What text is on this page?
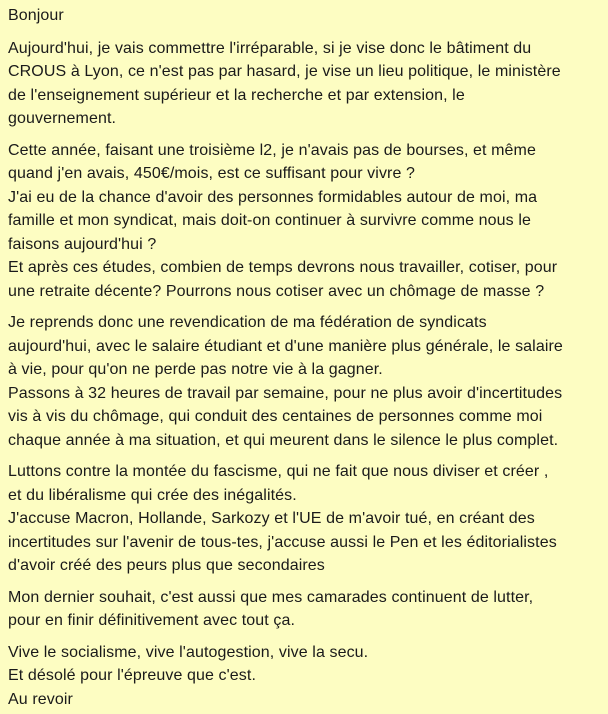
Bonjour
Aujourd'hui, je vais commettre l'irréparable, si je vise donc le bâtiment du
CROUS à Lyon, ce n'est pas par hasard, je vise un lieu politique, le ministère
de l'enseignement supérieur et la recherche et par extension, le
gouvernement.
Cette année, faisant une troisième l2, je n'avais pas de bourses, et même
quand j'en avais, 450€/mois, est ce suffisant pour vivre ?
J'ai eu de la chance d'avoir des personnes formidables autour de moi, ma
famille et mon syndicat, mais doit-on continuer à survivre comme nous le
faisons aujourd'hui ?
Et après ces études, combien de temps devrons nous travailler, cotiser, pour
une retraite décente? Pourrons nous cotiser avec un chômage de masse ?
Je reprends donc une revendication de ma fédération de syndicats
aujourd'hui, avec le salaire étudiant et d'une manière plus générale, le salaire
à vie, pour qu'on ne perde pas notre vie à la gagner.
Passons à 32 heures de travail par semaine, pour ne plus avoir d'incertitudes
vis à vis du chômage, qui conduit des centaines de personnes comme moi
chaque année à ma situation, et qui meurent dans le silence le plus complet.
Luttons contre la montée du fascisme, qui ne fait que nous diviser et créer ,
et du libéralisme qui crée des inégalités.
J'accuse Macron, Hollande, Sarkozy et l'UE de m'avoir tué, en créant des
incertitudes sur l'avenir de tous-tes, j'accuse aussi le Pen et les éditorialistes
d'avoir créé des peurs plus que secondaires
Mon dernier souhait, c'est aussi que mes camarades continuent de lutter,
pour en finir définitivement avec tout ça.
Vive le socialisme, vive l'autogestion, vive la secu.
Et désolé pour l'épreuve que c'est.
Au revoir
